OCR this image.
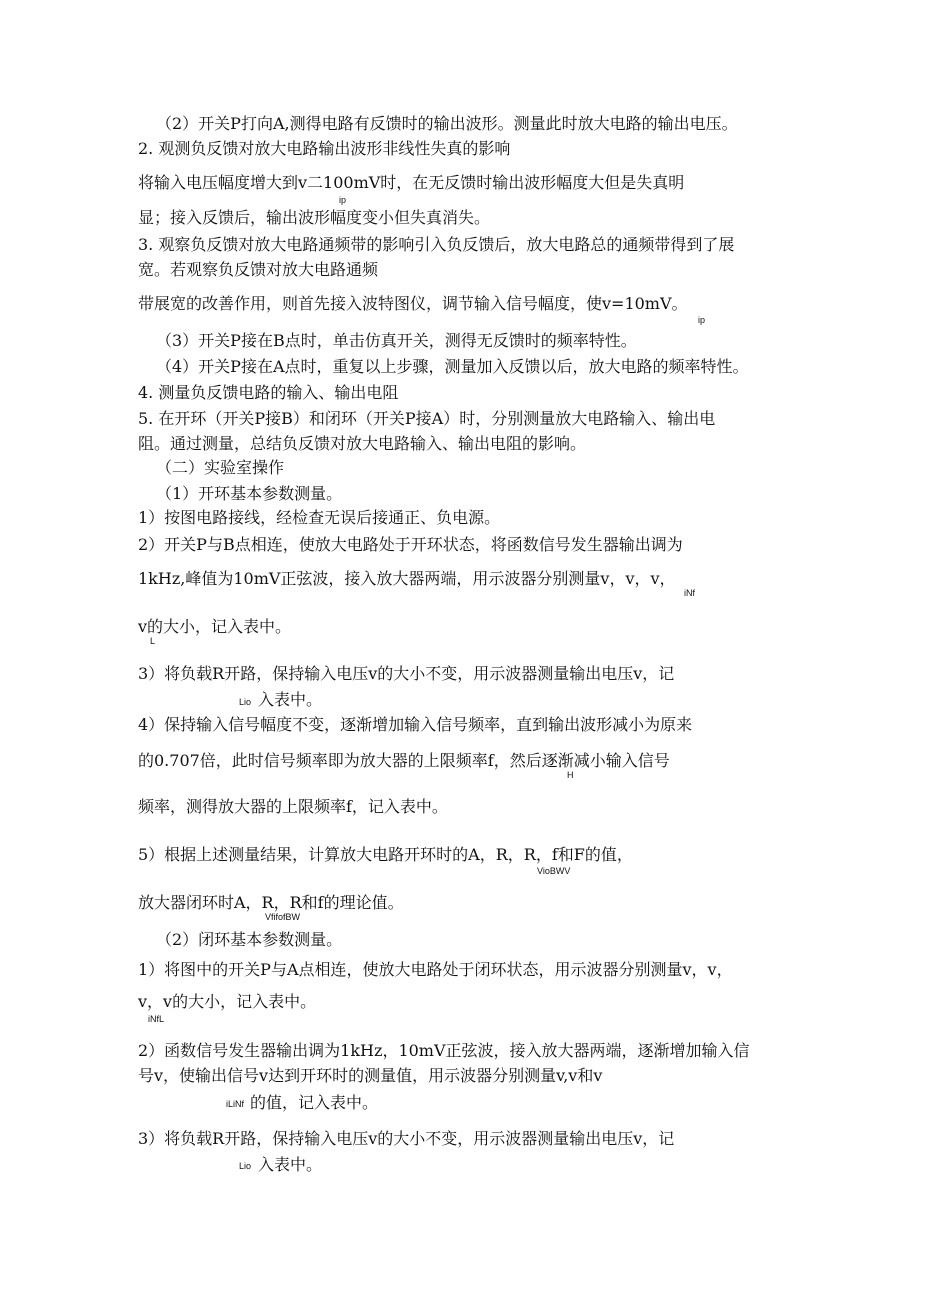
（2）开关P打向A,测得电路有反馈时的输出波形。测量此时放大电路的输出电压。
2. 观测负反馈对放大电路输出波形非线性失真的影响
将输入电压幅度增大到v二100mV时，在无反馈时输出波形幅度大但是失真明
ip
显；接入反馈后，输出波形幅度变小但失真消失。
3. 观察负反馈对放大电路通频带的影响引入负反馈后，放大电路总的通频带得到了展
宽。若观察负反馈对放大电路通频
带展宽的改善作用，则首先接入波特图仪，调节输入信号幅度，使v=10mV。
ip
（3）开关P接在B点时，单击仿真开关，测得无反馈时的频率特性。
（4）开关P接在A点时，重复以上步骤，测量加入反馈以后，放大电路的频率特性。
4. 测量负反馈电路的输入、输出电阻
5. 在开环（开关P接B）和闭环（开关P接A）时，分别测量放大电路输入、输出电
阻。通过测量，总结负反馈对放大电路输入、输出电阻的影响。
（二）实验室操作
（1）开环基本参数测量。
1）按图电路接线，经检查无误后接通正、负电源。
2）开关P与B点相连，使放大电路处于开环状态，将函数信号发生器输出调为
1kHz,峰值为10mV正弦波，接入放大器两端，用示波器分别测量v，v，v，
iNf
v的大小，记入表中。
L
3）将负载R开路，保持输入电压v的大小不变，用示波器测量输出电压v，记
Lio 入表中。
4）保持输入信号幅度不变，逐渐增加输入信号频率，直到输出波形减小为原来
的0.707倍，此时信号频率即为放大器的上限频率f，然后逐渐减小输入信号
H
频率，测得放大器的上限频率f，记入表中。
5）根据上述测量结果，计算放大电路开环时的A，R，R，f和F的值，
VioBWV
放大器闭环时A，R，R和f的理论值。
VfifofBW
（2）闭环基本参数测量。
1）将图中的开关P与A点相连，使放大电路处于闭环状态，用示波器分别测量v，v，
v，v的大小，记入表中。
iNfL
2）函数信号发生器输出调为1kHz，10mV正弦波，接入放大器两端，逐渐增加输入信
号v，使输出信号v达到开环时的测量值，用示波器分别测量v,v和v
iLiNf 的值，记入表中。
3）将负载R开路，保持输入电压v的大小不变，用示波器测量输出电压v，记
Lio 入表中。
